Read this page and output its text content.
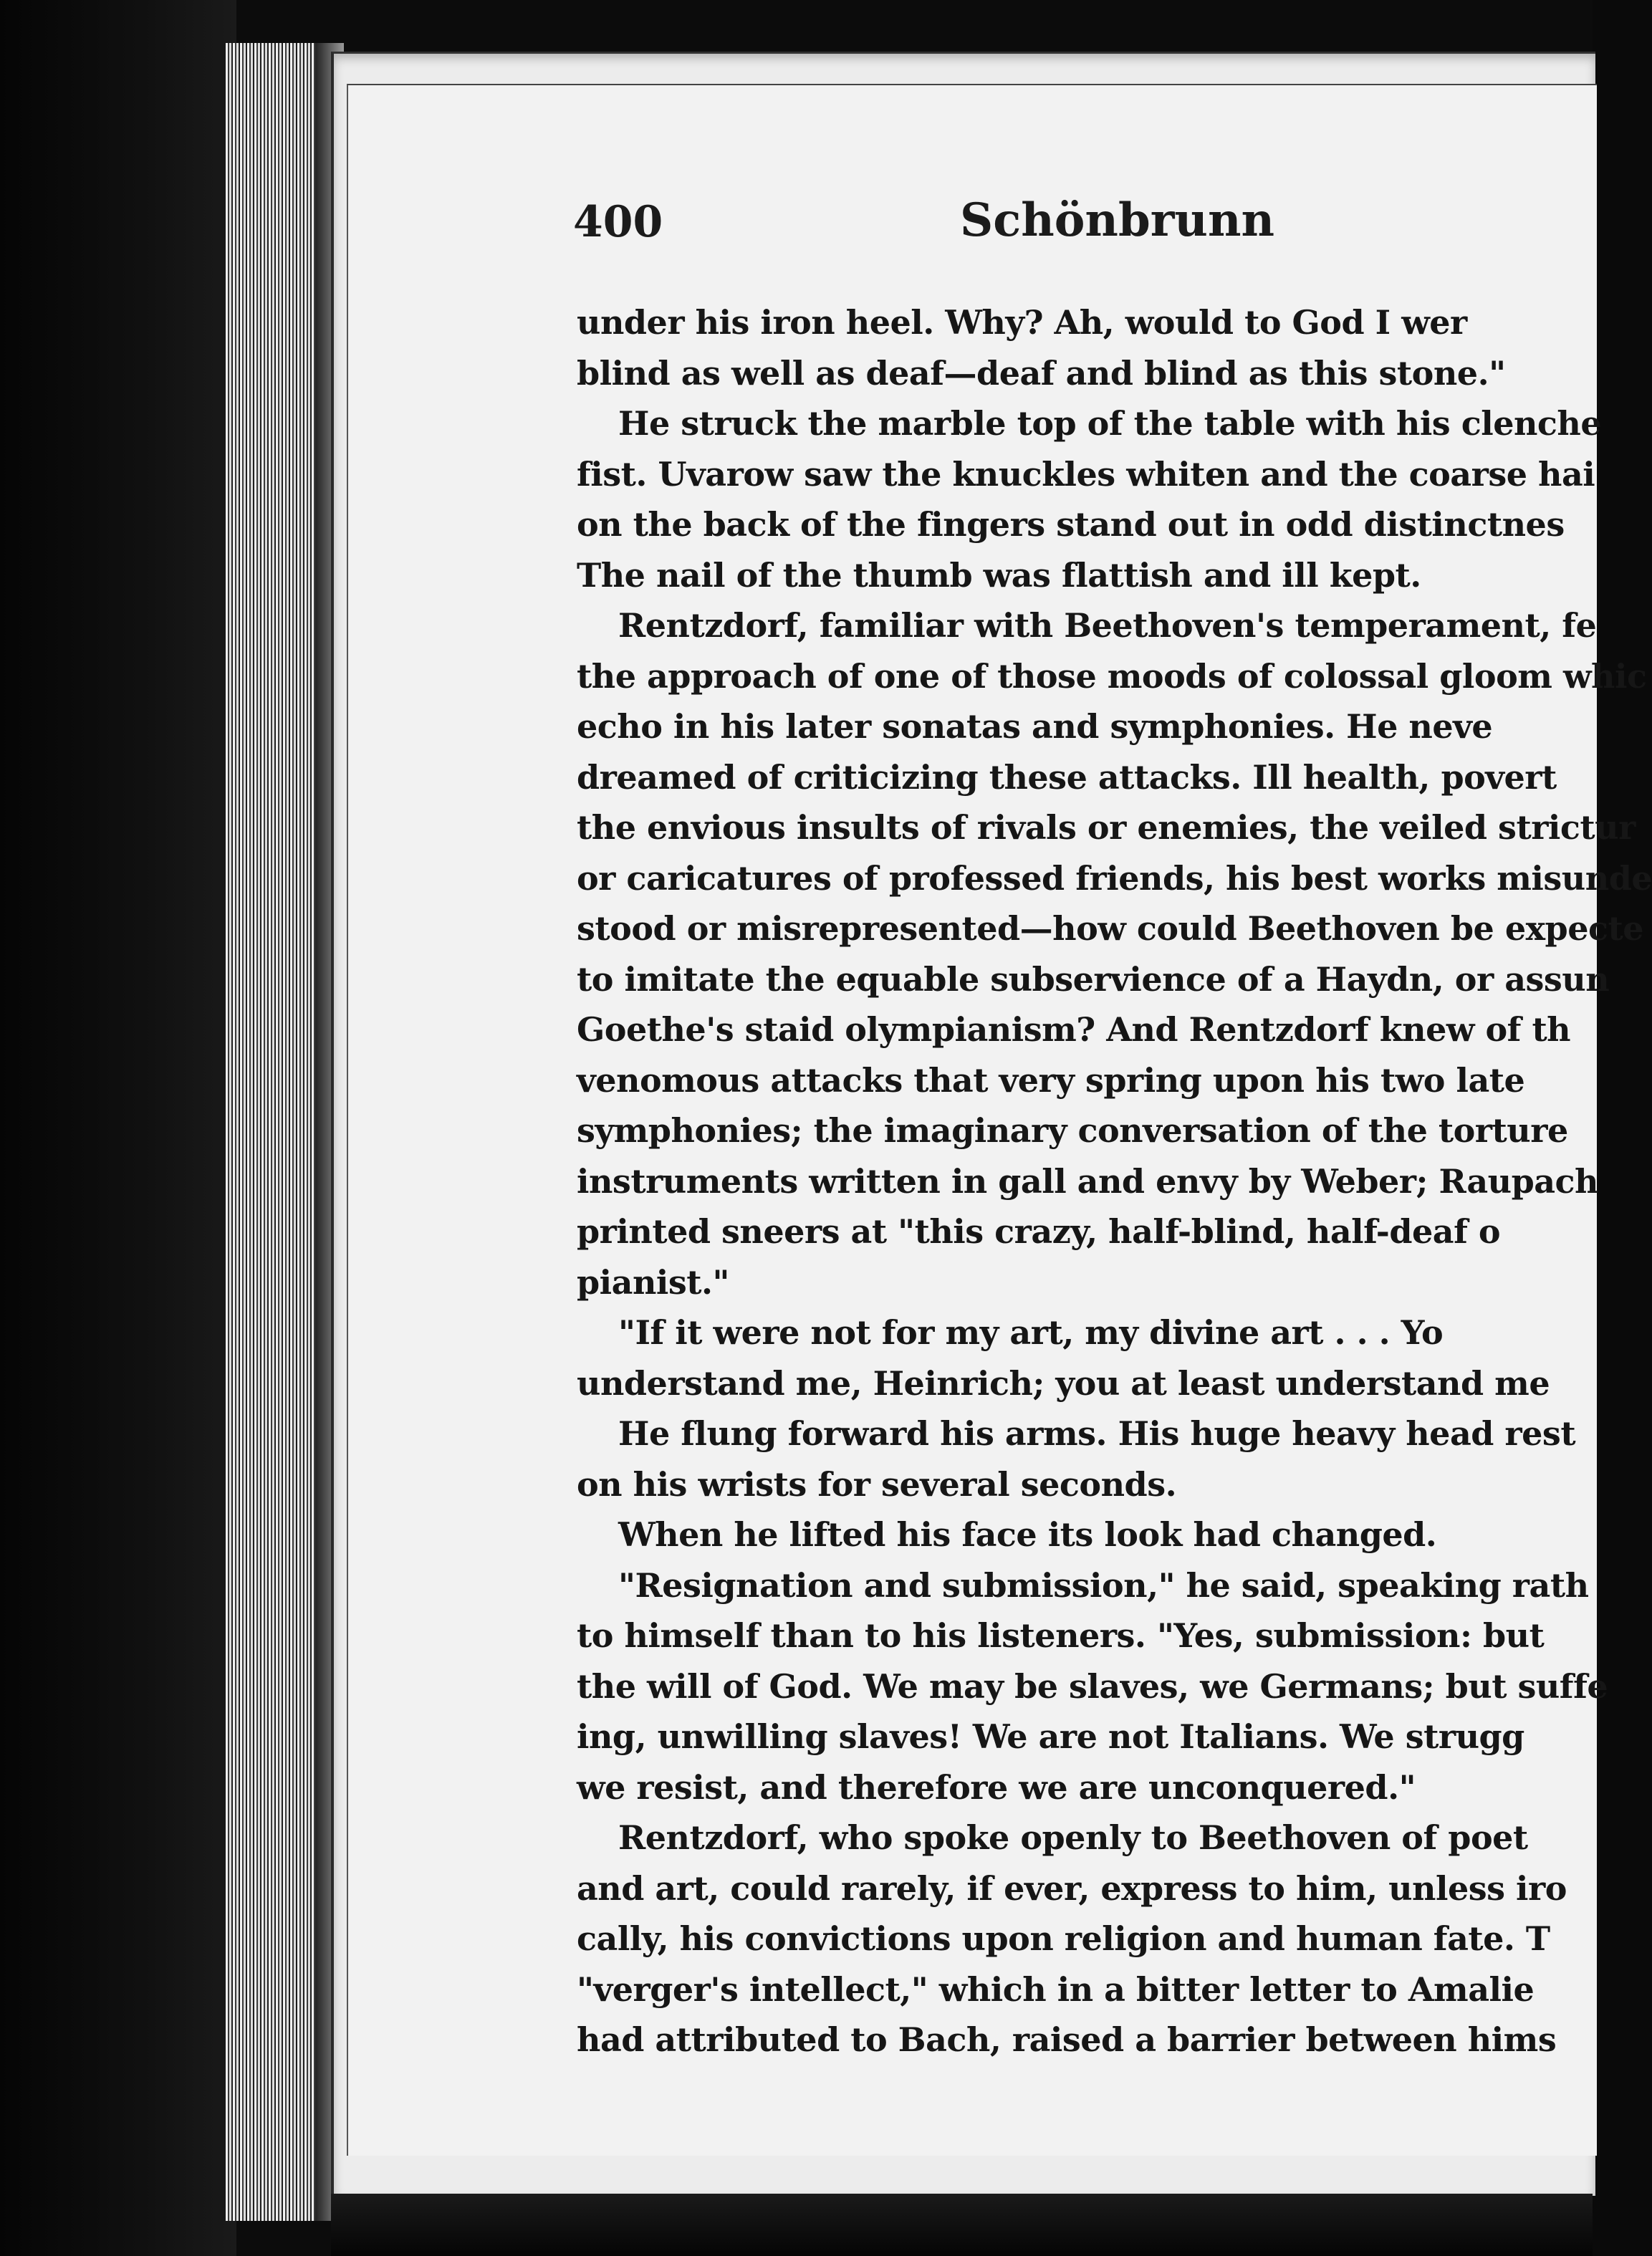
400	Schönbrunn
under his iron heel. Why? Ah, would to God I wer
blind as well as deaf—deaf and blind as this stone."
He struck the marble top of the table with his clenche
fist. Uvarow saw the knuckles whiten and the coarse hai
on the back of the fingers stand out in odd distinctnes
The nail of the thumb was flattish and ill kept.
Rentzdorf, familiar with Beethoven's temperament, fe
the approach of one of those moods of colossal gloom whic
echo in his later sonatas and symphonies. He neve
dreamed of criticizing these attacks. Ill health, povert
the envious insults of rivals or enemies, the veiled strictur
or caricatures of professed friends, his best works misunde
stood or misrepresented—how could Beethoven be expecte
to imitate the equable subservience of a Haydn, or assun
Goethe's staid olympianism? And Rentzdorf knew of th
venomous attacks that very spring upon his two late
symphonies; the imaginary conversation of the torture
instruments written in gall and envy by Weber; Raupach
printed sneers at "this crazy, half-blind, half-deaf o
pianist."
"If it were not for my art, my divine art . . . Yo
understand me, Heinrich; you at least understand me
He flung forward his arms. His huge heavy head rest
on his wrists for several seconds.
When he lifted his face its look had changed.
"Resignation and submission," he said, speaking rath
to himself than to his listeners. "Yes, submission: but
the will of God. We may be slaves, we Germans; but suffe
ing, unwilling slaves! We are not Italians. We strugg
we resist, and therefore we are unconquered."
Rentzdorf, who spoke openly to Beethoven of poet
and art, could rarely, if ever, express to him, unless iro
cally, his convictions upon religion and human fate. T
"verger's intellect," which in a bitter letter to Amalie
had attributed to Bach, raised a barrier between hims
